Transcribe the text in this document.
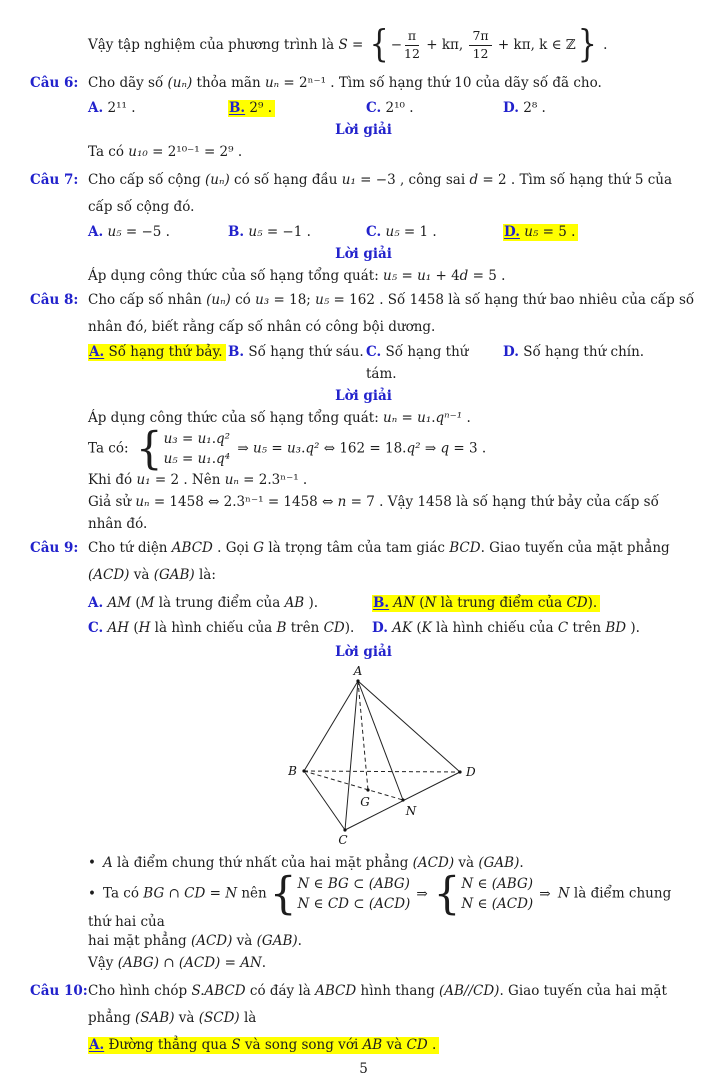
Vậy tập nghiệm của phương trình là S = { − $\frac{\pi}{12} + k\pi$, $\frac{7\pi}{12} + k\pi$, k ∈ ℤ } .
Câu 6: Cho dãy số (uₙ) thỏa mãn uₙ = 2ⁿ⁻¹ . Tìm số hạng thứ 10 của dãy số đã cho.
A. 2¹¹ .	B. 2⁹ .	C. 2¹⁰ .	D. 2⁸ .
Lời giải
Ta có u₁₀ = 2¹⁰⁻¹ = 2⁹ .
Câu 7: Cho cấp số cộng (uₙ) có số hạng đầu u₁ = −3 , công sai d = 2 . Tìm số hạng thứ 5 của cấp số cộng đó.
A. u₅ = −5 .	B. u₅ = −1 .	C. u₅ = 1 .	D. u₅ = 5 .
Lời giải
Áp dụng công thức của số hạng tổng quát: u₅ = u₁ + 4d = 5 .
Câu 8: Cho cấp số nhân (uₙ) có u₃ = 18; u₅ = 162 . Số 1458 là số hạng thứ bao nhiêu của cấp số nhân đó, biết rằng cấp số nhân có công bội dương.
A. Số hạng thứ bảy. B. Số hạng thứ sáu. C. Số hạng thứ tám.
D. Số hạng thứ chín.
Lời giải
Áp dụng công thức của số hạng tổng quát: uₙ = u₁.qⁿ⁻¹ .
Ta có: { u₃ = u₁.q²
u₅ = u₁.q⁴
⇒ u₅ = u₃.q² ⇔ 162 = 18.q² ⇒ q = 3 .
Khi đó u₁ = 2 . Nên uₙ = 2.3ⁿ⁻¹ .
Giả sử uₙ = 1458 ⇔ 2.3ⁿ⁻¹ = 1458 ⇔ n = 7 . Vậy 1458 là số hạng thứ bảy của cấp số nhân đó.
Câu 9: Cho tứ diện ABCD . Gọi G là trọng tâm của tam giác BCD. Giao tuyến của mặt phẳng (ACD) và (GAB) là:
A. AM (M là trung điểm của AB ).	B. AN (N là trung điểm của CD).
C. AH (H là hình chiếu của B trên CD).	D. AK (K là hình chiếu của C trên BD ).
Lời giải
A
B	D
C
G
N
• A là điểm chung thứ nhất của hai mặt phẳng (ACD) và (GAB).
• Ta có BG ∩ CD = N nên { N ∈ BG ⊂ (ABG)
N ∈ CD ⊂ (ACD)
⇒ { N ∈ (ABG)
N ∈ (ACD)
⇒ N là điểm chung thứ hai của
hai mặt phẳng (ACD) và (GAB).
Vậy (ABG) ∩ (ACD) = AN.
Câu 10: Cho hình chóp S.ABCD có đáy là ABCD hình thang (AB//CD). Giao tuyến của hai mặt phẳng (SAB) và (SCD) là
A. Đường thẳng qua S và song song với AB và CD .
5
